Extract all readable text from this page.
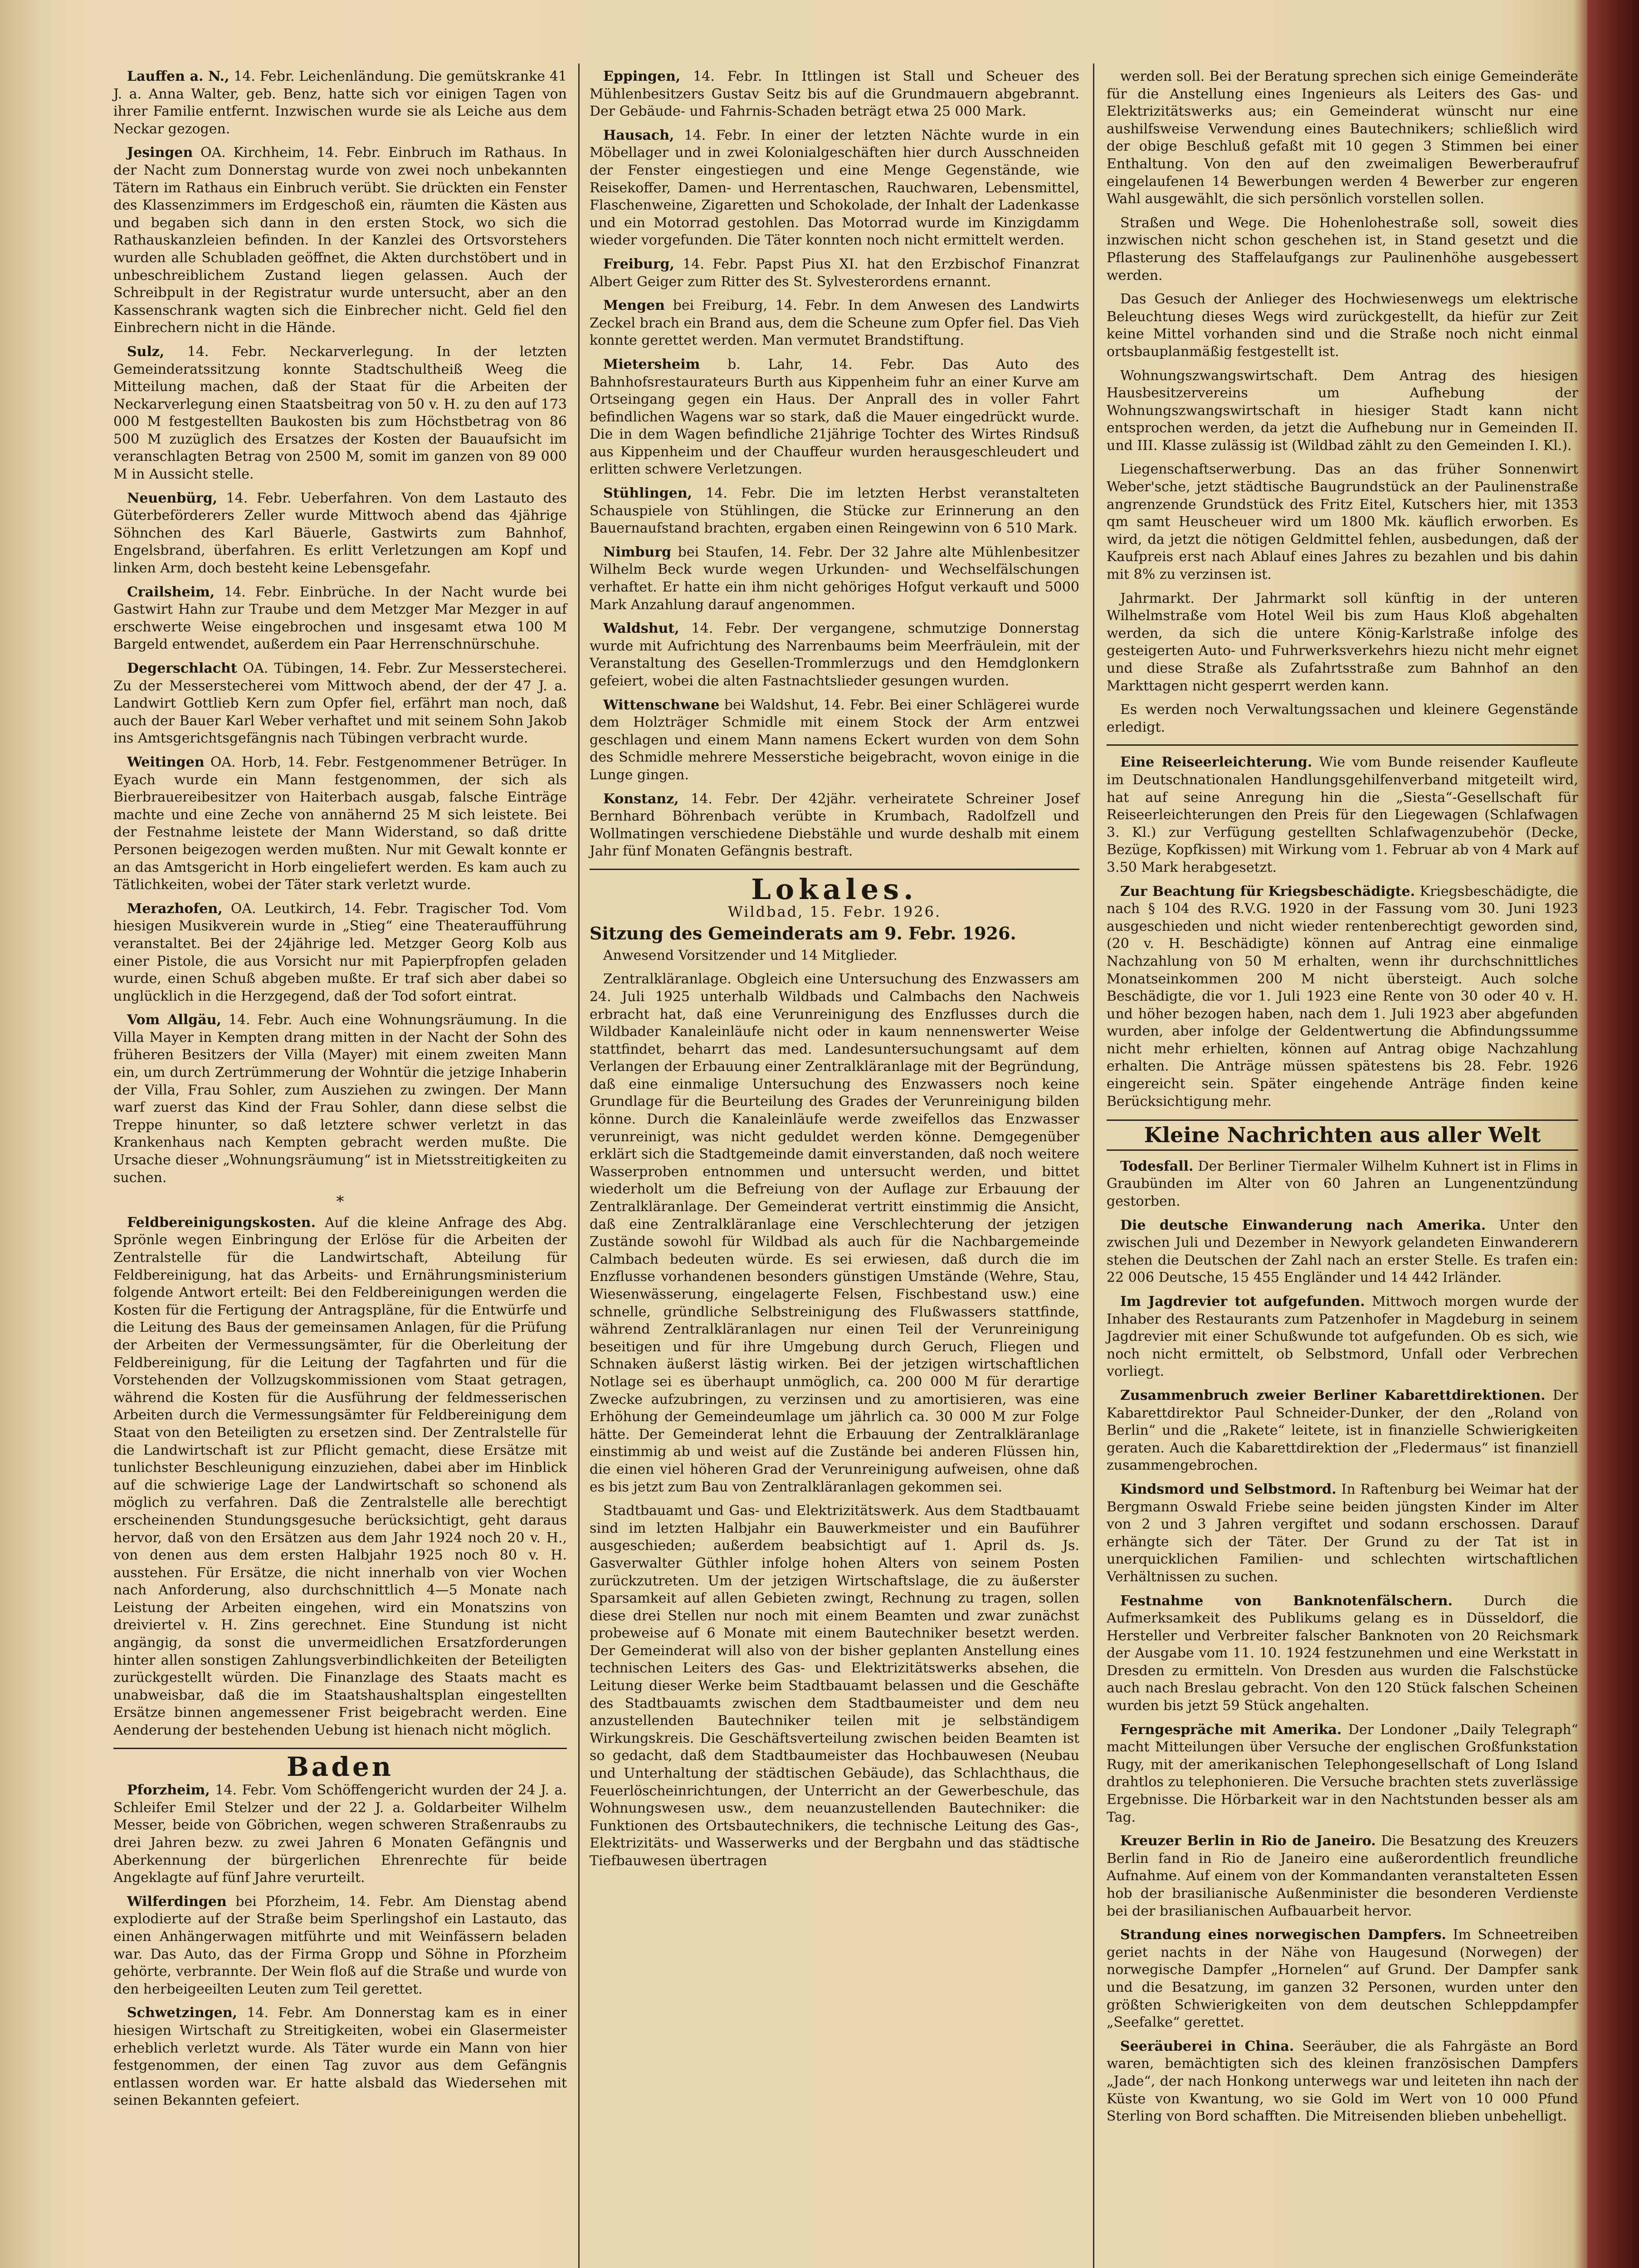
Lauffen a. N., 14. Febr. Leichenländung. Die gemütskranke 41 J. a. Anna Walter, geb. Benz, hatte sich vor einigen Tagen von ihrer Familie entfernt. Inzwischen wurde sie als Leiche aus dem Neckar gezogen.

Jesingen OA. Kirchheim, 14. Febr. Einbruch im Rathaus. In der Nacht zum Donnerstag wurde von zwei noch unbekannten Tätern im Rathaus ein Einbruch verübt. Sie drückten ein Fenster des Klassenzimmers im Erdgeschoß ein, räumten die Kästen aus und begaben sich dann in den ersten Stock, wo sich die Rathauskanzleien befinden. In der Kanzlei des Ortsvorstehers wurden alle Schubladen geöffnet, die Akten durchstöbert und in unbeschreiblichem Zustand liegen gelassen. Auch der Schreibpult in der Registratur wurde untersucht, aber an den Kassenschrank wagten sich die Einbrecher nicht. Geld fiel den Einbrechern nicht in die Hände.

Sulz, 14. Febr. Neckarverlegung. In der letzten Gemeinderatssitzung konnte Stadtschultheiß Weeg die Mitteilung machen, daß der Staat für die Arbeiten der Neckarverlegung einen Staatsbeitrag von 50 v. H. zu den auf 173 000 M festgestellten Baukosten bis zum Höchstbetrag von 86 500 M zuzüglich des Ersatzes der Kosten der Bauaufsicht im veranschlagten Betrag von 2500 M, somit im ganzen von 89 000 M in Aussicht stelle.

Neuenbürg, 14. Febr. Ueberfahren. Von dem Lastauto des Güterbeförderers Zeller wurde Mittwoch abend das 4jährige Söhnchen des Karl Bäuerle, Gastwirts zum Bahnhof, Engelsbrand, überfahren. Es erlitt Verletzungen am Kopf und linken Arm, doch besteht keine Lebensgefahr.

Crailsheim, 14. Febr. Einbrüche. In der Nacht wurde bei Gastwirt Hahn zur Traube und dem Metzger Mar Mezger in auf erschwerte Weise eingebrochen und insgesamt etwa 100 M Bargeld entwendet, außerdem ein Paar Herrenschnürschuhe.

Degerschlacht OA. Tübingen, 14. Febr. Zur Messerstecherei. Zu der Messerstecherei vom Mittwoch abend, der der 47 J. a. Landwirt Gottlieb Kern zum Opfer fiel, erfährt man noch, daß auch der Bauer Karl Weber verhaftet und mit seinem Sohn Jakob ins Amtsgerichtsgefängnis nach Tübingen verbracht wurde.

Weitingen OA. Horb, 14. Febr. Festgenommener Betrüger. In Eyach wurde ein Mann festgenommen, der sich als Bierbrauereibesitzer von Haiterbach ausgab, falsche Einträge machte und eine Zeche von annähernd 25 M sich leistete. Bei der Festnahme leistete der Mann Widerstand, so daß dritte Personen beigezogen werden mußten. Nur mit Gewalt konnte er an das Amtsgericht in Horb eingeliefert werden. Es kam auch zu Tätlichkeiten, wobei der Täter stark verletzt wurde.

Merazhofen, OA. Leutkirch, 14. Febr. Tragischer Tod. Vom hiesigen Musikverein wurde in „Stieg“ eine Theateraufführung veranstaltet. Bei der 24jährige led. Metzger Georg Kolb aus einer Pistole, die aus Vorsicht nur mit Papierpfropfen geladen wurde, einen Schuß abgeben mußte. Er traf sich aber dabei so unglücklich in die Herzgegend, daß der Tod sofort eintrat.

Vom Allgäu, 14. Febr. Auch eine Wohnungsräumung. In die Villa Mayer in Kempten drang mitten in der Nacht der Sohn des früheren Besitzers der Villa (Mayer) mit einem zweiten Mann ein, um durch Zertrümmerung der Wohntür die jetzige Inhaberin der Villa, Frau Sohler, zum Ausziehen zu zwingen. Der Mann warf zuerst das Kind der Frau Sohler, dann diese selbst die Treppe hinunter, so daß letztere schwer verletzt in das Krankenhaus nach Kempten gebracht werden mußte. Die Ursache dieser „Wohnungsräumung“ ist in Mietsstreitigkeiten zu suchen.

*

Feldbereinigungskosten. Auf die kleine Anfrage des Abg. Sprönle wegen Einbringung der Erlöse für die Arbeiten der Zentralstelle für die Landwirtschaft, Abteilung für Feldbereinigung, hat das Arbeits- und Ernährungsministerium folgende Antwort erteilt: Bei den Feldbereinigungen werden die Kosten für die Fertigung der Antragspläne, für die Entwürfe und die Leitung des Baus der gemeinsamen Anlagen, für die Prüfung der Arbeiten der Vermessungsämter, für die Oberleitung der Feldbereinigung, für die Leitung der Tagfahrten und für die Vorstehenden der Vollzugskommissionen vom Staat getragen, während die Kosten für die Ausführung der feldmesserischen Arbeiten durch die Vermessungsämter für Feldbereinigung dem Staat von den Beteiligten zu ersetzen sind. Der Zentralstelle für die Landwirtschaft ist zur Pflicht gemacht, diese Ersätze mit tunlichster Beschleunigung einzuziehen, dabei aber im Hinblick auf die schwierige Lage der Landwirtschaft so schonend als möglich zu verfahren. Daß die Zentralstelle alle berechtigt erscheinenden Stundungsgesuche berücksichtigt, geht daraus hervor, daß von den Ersätzen aus dem Jahr 1924 noch 20 v. H., von denen aus dem ersten Halbjahr 1925 noch 80 v. H. ausstehen. Für Ersätze, die nicht innerhalb von vier Wochen nach Anforderung, also durchschnittlich 4—5 Monate nach Leistung der Arbeiten eingehen, wird ein Monatszins von dreiviertel v. H. Zins gerechnet. Eine Stundung ist nicht angängig, da sonst die unvermeidlichen Ersatzforderungen hinter allen sonstigen Zahlungsverbindlichkeiten der Beteiligten zurückgestellt würden. Die Finanzlage des Staats macht es unabweisbar, daß die im Staatshaushaltsplan eingestellten Ersätze binnen angemessener Frist beigebracht werden. Eine Aenderung der bestehenden Uebung ist hienach nicht möglich.

Baden

Pforzheim, 14. Febr. Vom Schöffengericht wurden der 24 J. a. Schleifer Emil Stelzer und der 22 J. a. Goldarbeiter Wilhelm Messer, beide von Göbrichen, wegen schweren Straßenraubs zu drei Jahren bezw. zu zwei Jahren 6 Monaten Gefängnis und Aberkennung der bürgerlichen Ehrenrechte für beide Angeklagte auf fünf Jahre verurteilt.

Wilferdingen bei Pforzheim, 14. Febr. Am Dienstag abend explodierte auf der Straße beim Sperlingshof ein Lastauto, das einen Anhängerwagen mitführte und mit Weinfässern beladen war. Das Auto, das der Firma Gropp und Söhne in Pforzheim gehörte, verbrannte. Der Wein floß auf die Straße und wurde von den herbeigeeilten Leuten zum Teil gerettet.

Schwetzingen, 14. Febr. Am Donnerstag kam es in einer hiesigen Wirtschaft zu Streitigkeiten, wobei ein Glasermeister erheblich verletzt wurde. Als Täter wurde ein Mann von hier festgenommen, der einen Tag zuvor aus dem Gefängnis entlassen worden war. Er hatte alsbald das Wiedersehen mit seinen Bekannten gefeiert.

Eppingen, 14. Febr. In Ittlingen ist Stall und Scheuer des Mühlenbesitzers Gustav Seitz bis auf die Grundmauern abgebrannt. Der Gebäude- und Fahrnis-Schaden beträgt etwa 25 000 Mark.

Hausach, 14. Febr. In einer der letzten Nächte wurde in ein Möbellager und in zwei Kolonialgeschäften hier durch Ausschneiden der Fenster eingestiegen und eine Menge Gegenstände, wie Reisekoffer, Damen- und Herrentaschen, Rauchwaren, Lebensmittel, Flaschenweine, Zigaretten und Schokolade, der Inhalt der Ladenkasse und ein Motorrad gestohlen. Das Motorrad wurde im Kinzigdamm wieder vorgefunden. Die Täter konnten noch nicht ermittelt werden.

Freiburg, 14. Febr. Papst Pius XI. hat den Erzbischof Finanzrat Albert Geiger zum Ritter des St. Sylvesterordens ernannt.

Mengen bei Freiburg, 14. Febr. In dem Anwesen des Landwirts Zeckel brach ein Brand aus, dem die Scheune zum Opfer fiel. Das Vieh konnte gerettet werden. Man vermutet Brandstiftung.

Mietersheim b. Lahr, 14. Febr. Das Auto des Bahnhofsrestaurateurs Burth aus Kippenheim fuhr an einer Kurve am Ortseingang gegen ein Haus. Der Anprall des in voller Fahrt befindlichen Wagens war so stark, daß die Mauer eingedrückt wurde. Die in dem Wagen befindliche 21jährige Tochter des Wirtes Rindsuß aus Kippenheim und der Chauffeur wurden herausgeschleudert und erlitten schwere Verletzungen.

Stühlingen, 14. Febr. Die im letzten Herbst veranstalteten Schauspiele von Stühlingen, die Stücke zur Erinnerung an den Bauernaufstand brachten, ergaben einen Reingewinn von 6 510 Mark.

Nimburg bei Staufen, 14. Febr. Der 32 Jahre alte Mühlenbesitzer Wilhelm Beck wurde wegen Urkunden- und Wechselfälschungen verhaftet. Er hatte ein ihm nicht gehöriges Hofgut verkauft und 5000 Mark Anzahlung darauf angenommen.

Waldshut, 14. Febr. Der vergangene, schmutzige Donnerstag wurde mit Aufrichtung des Narrenbaums beim Meerfräulein, mit der Veranstaltung des Gesellen-Trommlerzugs und den Hemdglonkern gefeiert, wobei die alten Fastnachtslieder gesungen wurden.

Wittenschwane bei Waldshut, 14. Febr. Bei einer Schlägerei wurde dem Holzträger Schmidle mit einem Stock der Arm entzwei geschlagen und einem Mann namens Eckert wurden von dem Sohn des Schmidle mehrere Messerstiche beigebracht, wovon einige in die Lunge gingen.

Konstanz, 14. Febr. Der 42jähr. verheiratete Schreiner Josef Bernhard Böhrenbach verübte in Krumbach, Radolfzell und Wollmatingen verschiedene Diebstähle und wurde deshalb mit einem Jahr fünf Monaten Gefängnis bestraft.

Lokales.
Wildbad, 15. Febr. 1926.
Sitzung des Gemeinderats am 9. Febr. 1926.

Anwesend Vorsitzender und 14 Mitglieder.

Zentralkläranlage. Obgleich eine Untersuchung des Enzwassers am 24. Juli 1925 unterhalb Wildbads und Calmbachs den Nachweis erbracht hat, daß eine Verunreinigung des Enzflusses durch die Wildbader Kanaleinläufe nicht oder in kaum nennenswerter Weise stattfindet, beharrt das med. Landesuntersuchungsamt auf dem Verlangen der Erbauung einer Zentralkläranlage mit der Begründung, daß eine einmalige Untersuchung des Enzwassers noch keine Grundlage für die Beurteilung des Grades der Verunreinigung bilden könne. Durch die Kanaleinläufe werde zweifellos das Enzwasser verunreinigt, was nicht geduldet werden könne. Demgegenüber erklärt sich die Stadtgemeinde damit einverstanden, daß noch weitere Wasserproben entnommen und untersucht werden, und bittet wiederholt um die Befreiung von der Auflage zur Erbauung der Zentralkläranlage. Der Gemeinderat vertritt einstimmig die Ansicht, daß eine Zentralkläranlage eine Verschlechterung der jetzigen Zustände sowohl für Wildbad als auch für die Nachbargemeinde Calmbach bedeuten würde. Es sei erwiesen, daß durch die im Enzflusse vorhandenen besonders günstigen Umstände (Wehre, Stau, Wiesenwässerung, eingelagerte Felsen, Fischbestand usw.) eine schnelle, gründliche Selbstreinigung des Flußwassers stattfinde, während Zentralkläranlagen nur einen Teil der Verunreinigung beseitigen und für ihre Umgebung durch Geruch, Fliegen und Schnaken äußerst lästig wirken. Bei der jetzigen wirtschaftlichen Notlage sei es überhaupt unmöglich, ca. 200 000 M für derartige Zwecke aufzubringen, zu verzinsen und zu amortisieren, was eine Erhöhung der Gemeindeumlage um jährlich ca. 30 000 M zur Folge hätte. Der Gemeinderat lehnt die Erbauung der Zentralkläranlage einstimmig ab und weist auf die Zustände bei anderen Flüssen hin, die einen viel höheren Grad der Verunreinigung aufweisen, ohne daß es bis jetzt zum Bau von Zentralkläranlagen gekommen sei.

Stadtbauamt und Gas- und Elektrizitätswerk. Aus dem Stadtbauamt sind im letzten Halbjahr ein Bauwerkmeister und ein Bauführer ausgeschieden; außerdem beabsichtigt auf 1. April ds. Js. Gasverwalter Güthler infolge hohen Alters von seinem Posten zurückzutreten. Um der jetzigen Wirtschaftslage, die zu äußerster Sparsamkeit auf allen Gebieten zwingt, Rechnung zu tragen, sollen diese drei Stellen nur noch mit einem Beamten und zwar zunächst probeweise auf 6 Monate mit einem Bautechniker besetzt werden. Der Gemeinderat will also von der bisher geplanten Anstellung eines technischen Leiters des Gas- und Elektrizitätswerks absehen, die Leitung dieser Werke beim Stadtbauamt belassen und die Geschäfte des Stadtbauamts zwischen dem Stadtbaumeister und dem neu anzustellenden Bautechniker teilen mit je selbständigem Wirkungskreis. Die Geschäftsverteilung zwischen beiden Beamten ist so gedacht, daß dem Stadtbaumeister das Hochbauwesen (Neubau und Unterhaltung der städtischen Gebäude), das Schlachthaus, die Feuerlöscheinrichtungen, der Unterricht an der Gewerbeschule, das Wohnungswesen usw., dem neuanzustellenden Bautechniker: die Funktionen des Ortsbautechnikers, die technische Leitung des Gas-, Elektrizitäts- und Wasserwerks und der Bergbahn und das städtische Tiefbauwesen übertragen

werden soll. Bei der Beratung sprechen sich einige Gemeinderäte für die Anstellung eines Ingenieurs als Leiters des Gas- und Elektrizitätswerks aus; ein Gemeinderat wünscht nur eine aushilfsweise Verwendung eines Bautechnikers; schließlich wird der obige Beschluß gefaßt mit 10 gegen 3 Stimmen bei einer Enthaltung. Von den auf den zweimaligen Bewerberaufruf eingelaufenen 14 Bewerbungen werden 4 Bewerber zur engeren Wahl ausgewählt, die sich persönlich vorstellen sollen.

Straßen und Wege. Die Hohenlohestraße soll, soweit dies inzwischen nicht schon geschehen ist, in Stand gesetzt und die Pflasterung des Staffelaufgangs zur Paulinenhöhe ausgebessert werden.

Das Gesuch der Anlieger des Hochwiesenwegs um elektrische Beleuchtung dieses Wegs wird zurückgestellt, da hiefür zur Zeit keine Mittel vorhanden sind und die Straße noch nicht einmal ortsbauplanmäßig festgestellt ist.

Wohnungszwangswirtschaft. Dem Antrag des hiesigen Hausbesitzervereins um Aufhebung der Wohnungszwangswirtschaft in hiesiger Stadt kann nicht entsprochen werden, da jetzt die Aufhebung nur in Gemeinden II. und III. Klasse zulässig ist (Wildbad zählt zu den Gemeinden I. Kl.).

Liegenschaftserwerbung. Das an das früher Sonnenwirt Weber'sche, jetzt städtische Baugrundstück an der Paulinenstraße angrenzende Grundstück des Fritz Eitel, Kutschers hier, mit 1353 qm samt Heuscheuer wird um 1800 Mk. käuflich erworben. Es wird, da jetzt die nötigen Geldmittel fehlen, ausbedungen, daß der Kaufpreis erst nach Ablauf eines Jahres zu bezahlen und bis dahin mit 8% zu verzinsen ist.

Jahrmarkt. Der Jahrmarkt soll künftig in der unteren Wilhelmstraße vom Hotel Weil bis zum Haus Kloß abgehalten werden, da sich die untere König-Karlstraße infolge des gesteigerten Auto- und Fuhrwerksverkehrs hiezu nicht mehr eignet und diese Straße als Zufahrtsstraße zum Bahnhof an den Markttagen nicht gesperrt werden kann.

Es werden noch Verwaltungssachen und kleinere Gegenstände erledigt.

Eine Reiseerleichterung. Wie vom Bunde reisender Kaufleute im Deutschnationalen Handlungsgehilfenverband mitgeteilt wird, hat auf seine Anregung hin die „Siesta“-Gesellschaft für Reiseerleichterungen den Preis für den Liegewagen (Schlafwagen 3. Kl.) zur Verfügung gestellten Schlafwagenzubehör (Decke, Bezüge, Kopfkissen) mit Wirkung vom 1. Februar ab von 4 Mark auf 3.50 Mark herabgesetzt.

Zur Beachtung für Kriegsbeschädigte. Kriegsbeschädigte, die nach § 104 des R.V.G. 1920 in der Fassung vom 30. Juni 1923 ausgeschieden und nicht wieder rentenberechtigt geworden sind, (20 v. H. Beschädigte) können auf Antrag eine einmalige Nachzahlung von 50 M erhalten, wenn ihr durchschnittliches Monatseinkommen 200 M nicht übersteigt. Auch solche Beschädigte, die vor 1. Juli 1923 eine Rente von 30 oder 40 v. H. und höher bezogen haben, nach dem 1. Juli 1923 aber abgefunden wurden, aber infolge der Geldentwertung die Abfindungssumme nicht mehr erhielten, können auf Antrag obige Nachzahlung erhalten. Die Anträge müssen spätestens bis 28. Febr. 1926 eingereicht sein. Später eingehende Anträge finden keine Berücksichtigung mehr.

Kleine Nachrichten aus aller Welt

Todesfall. Der Berliner Tiermaler Wilhelm Kuhnert ist in Flims in Graubünden im Alter von 60 Jahren an Lungenentzündung gestorben.

Die deutsche Einwanderung nach Amerika. Unter den zwischen Juli und Dezember in Newyork gelandeten Einwanderern stehen die Deutschen der Zahl nach an erster Stelle. Es trafen ein: 22 006 Deutsche, 15 455 Engländer und 14 442 Irländer.

Im Jagdrevier tot aufgefunden. Mittwoch morgen wurde der Inhaber des Restaurants zum Patzenhofer in Magdeburg in seinem Jagdrevier mit einer Schußwunde tot aufgefunden. Ob es sich, wie noch nicht ermittelt, ob Selbstmord, Unfall oder Verbrechen vorliegt.

Zusammenbruch zweier Berliner Kabarettdirektionen. Der Kabarettdirektor Paul Schneider-Dunker, der den „Roland von Berlin“ und die „Rakete“ leitete, ist in finanzielle Schwierigkeiten geraten. Auch die Kabarettdirektion der „Fledermaus“ ist finanziell zusammengebrochen.

Kindsmord und Selbstmord. In Raftenburg bei Weimar hat der Bergmann Oswald Friebe seine beiden jüngsten Kinder im Alter von 2 und 3 Jahren vergiftet und sodann erschossen. Darauf erhängte sich der Täter. Der Grund zu der Tat ist in unerquicklichen Familien- und schlechten wirtschaftlichen Verhältnissen zu suchen.

Festnahme von Banknotenfälschern. Durch die Aufmerksamkeit des Publikums gelang es in Düsseldorf, die Hersteller und Verbreiter falscher Banknoten von 20 Reichsmark der Ausgabe vom 11. 10. 1924 festzunehmen und eine Werkstatt in Dresden zu ermitteln. Von Dresden aus wurden die Falschstücke auch nach Breslau gebracht. Von den 120 Stück falschen Scheinen wurden bis jetzt 59 Stück angehalten.

Ferngespräche mit Amerika. Der Londoner „Daily Telegraph“ macht Mitteilungen über Versuche der englischen Großfunkstation Rugy, mit der amerikanischen Telephongesellschaft of Long Island drahtlos zu telephonieren. Die Versuche brachten stets zuverlässige Ergebnisse. Die Hörbarkeit war in den Nachtstunden besser als am Tag.

Kreuzer Berlin in Rio de Janeiro. Die Besatzung des Kreuzers Berlin fand in Rio de Janeiro eine außerordentlich freundliche Aufnahme. Auf einem von der Kommandanten veranstalteten Essen hob der brasilianische Außenminister die besonderen Verdienste bei der brasilianischen Aufbauarbeit hervor.

Strandung eines norwegischen Dampfers. Im Schneetreiben geriet nachts in der Nähe von Haugesund (Norwegen) der norwegische Dampfer „Hornelen“ auf Grund. Der Dampfer sank und die Besatzung, im ganzen 32 Personen, wurden unter den größten Schwierigkeiten von dem deutschen Schleppdampfer „Seefalke“ gerettet.

Seeräuberei in China. Seeräuber, die als Fahrgäste an Bord waren, bemächtigten sich des kleinen französischen Dampfers „Jade“, der nach Honkong unterwegs war und leiteten ihn nach der Küste von Kwantung, wo sie Gold im Wert von 10 000 Pfund Sterling von Bord schafften. Die Mitreisenden blieben unbehelligt.
